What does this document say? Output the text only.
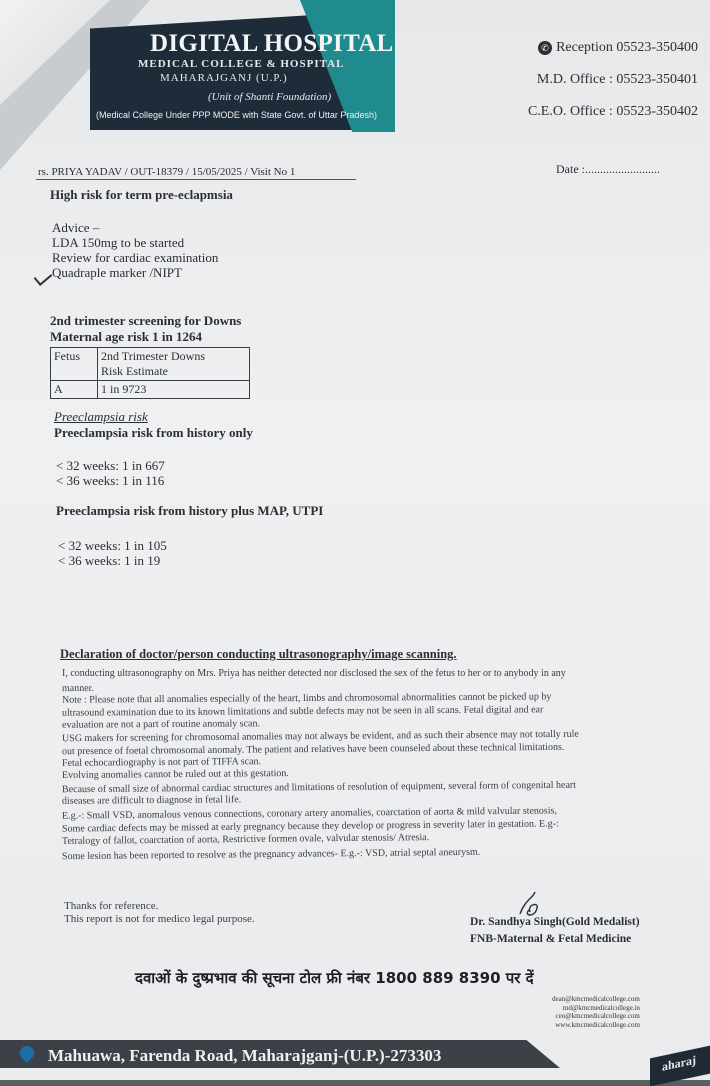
DIGITAL HOSPITAL
MEDICAL COLLEGE & HOSPITAL
MAHARAJGANJ (U.P.)
(Unit of Shanti Foundation)
(Medical College Under PPP MODE with State Govt. of Uttar Pradesh)
✆ Reception 05523-350400
M.D. Office : 05523-350401
C.E.O. Office : 05523-350402
rs. PRIYA YADAV / OUT-18379 / 15/05/2025 / Visit No 1	Date :.........................
High risk for term pre-eclapmsia
Advice –
LDA 150mg to be started
Review for cardiac examination
Quadraple marker /NIPT
2nd trimester screening for Downs
Maternal age risk 1 in 1264
Fetus	2nd Trimester Downs
Risk Estimate
A	1 in 9723
Preeclampsia risk
Preeclampsia risk from history only
< 32 weeks: 1 in 667
< 36 weeks: 1 in 116
Preeclampsia risk from history plus MAP, UTPI
< 32 weeks: 1 in 105
< 36 weeks: 1 in 19
Declaration of doctor/person conducting ultrasonography/image scanning.
I, conducting ultrasonography on Mrs. Priya has neither detected nor disclosed the sex of the fetus to her or to anybody in any
manner.
Note : Please note that all anomalies especially of the heart, limbs and chromosomal abnormalities cannot be picked up by
ultrasound examination due to its known limitations and subtle defects may not be seen in all scans. Fetal digital and ear
evaluation are not a part of routine anomaly scan.
USG makers for screening for chromosomal anomalies may not always be evident, and as such their absence may not totally rule
out presence of foetal chromosomal anomaly. The patient and relatives have been counseled about these technical limitations.
Fetal echocardiography is not part of TIFFA scan.
Evolving anomalies cannot be ruled out at this gestation.
Because of small size of abnormal cardiac structures and limitations of resolution of equipment, several form of congenital heart
diseases are difficult to diagnose in fetal life.
E.g.-: Small VSD, anomalous venous connections, coronary artery anomalies, coarctation of aorta & mild valvular stenosis,
Some cardiac defects may be missed at early pregnancy because they develop or progress in severity later in gestation. E.g-:
Tetralogy of fallot, coarctation of aorta, Restrictive formen ovale, valvular stenosis/ Atresia.
Some lesion has been reported to resolve as the pregnancy advances- E.g.-: VSD, atrial septal aneurysm.
Thanks for reference.
This report is not for medico legal purpose.	Dr. Sandhya Singh(Gold Medalist)
FNB-Maternal & Fetal Medicine
दवाओं के दुष्प्रभाव की सूचना टोल फ्री नंबर 1800 889 8390 पर दें
dean@kmcmedicalcollege.com
md@kmcmedicalcollege.in
ceo@kmcmedicalcollege.com
www.kmcmedicalcollege.com
Mahuawa, Farenda Road, Maharajganj-(U.P.)-273303	aharaj
